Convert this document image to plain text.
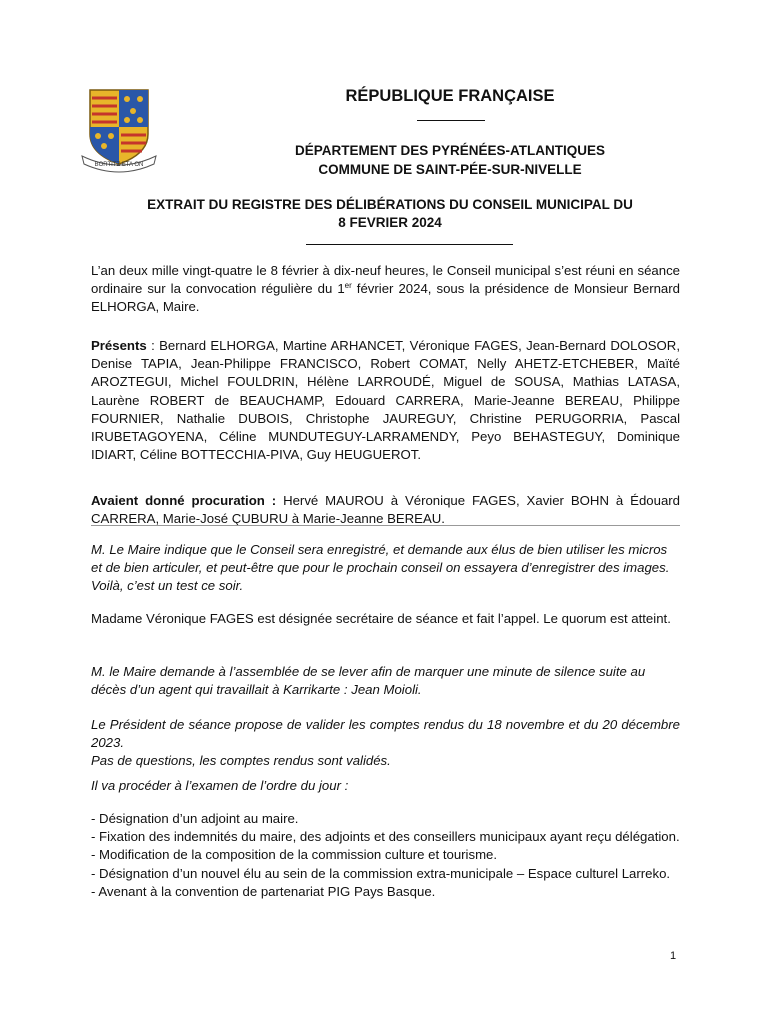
BORTITZ ETA ON
RÉPUBLIQUE FRANÇAISE
DÉPARTEMENT DES PYRÉNÉES-ATLANTIQUES
COMMUNE DE SAINT-PÉE-SUR-NIVELLE
EXTRAIT DU REGISTRE DES DÉLIBÉRATIONS DU CONSEIL MUNICIPAL DU
8 FEVRIER 2024
L’an deux mille vingt-quatre le 8 février à dix-neuf heures, le Conseil municipal s’est réuni en séance ordinaire sur la convocation régulière du 1er février 2024, sous la présidence de Monsieur Bernard ELHORGA, Maire.
Présents : Bernard ELHORGA, Martine ARHANCET, Véronique FAGES, Jean-Bernard DOLOSOR, Denise TAPIA, Jean-Philippe FRANCISCO, Robert COMAT, Nelly AHETZ-ETCHEBER, Maïté AROZTEGUI, Michel FOULDRIN, Hélène LARROUDÉ, Miguel de SOUSA, Mathias LATASA, Laurène ROBERT de BEAUCHAMP, Edouard CARRERA, Marie-Jeanne BEREAU, Philippe FOURNIER, Nathalie DUBOIS, Christophe JAUREGUY, Christine PERUGORRIA, Pascal IRUBETAGOYENA, Céline MUNDUTEGUY-LARRAMENDY, Peyo BEHASTEGUY, Dominique IDIART, Céline BOTTECCHIA-PIVA, Guy HEUGUEROT.
Avaient donné procuration : Hervé MAUROU à Véronique FAGES, Xavier BOHN à Édouard CARRERA, Marie-José ÇUBURU à Marie-Jeanne BEREAU.
M. Le Maire indique que le Conseil sera enregistré, et demande aux élus de bien utiliser les micros et de bien articuler, et peut-être que pour le prochain conseil on essayera d’enregistrer des images. Voilà, c’est un test ce soir.
Madame Véronique FAGES est désignée secrétaire de séance et fait l’appel. Le quorum est atteint.
M. le Maire demande à l’assemblée de se lever afin de marquer une minute de silence suite au décès d’un agent qui travaillait à Karrikarte : Jean Moioli.
Le Président de séance propose de valider les comptes rendus du 18 novembre et du 20 décembre 2023.
Pas de questions, les comptes rendus sont validés.
Il va procéder à l’examen de l’ordre du jour :
- Désignation d’un adjoint au maire.
- Fixation des indemnités du maire, des adjoints et des conseillers municipaux ayant reçu délégation.
- Modification de la composition de la commission culture et tourisme.
- Désignation d’un nouvel élu au sein de la commission extra-municipale – Espace culturel Larreko.
- Avenant à la convention de partenariat PIG Pays Basque.
1
